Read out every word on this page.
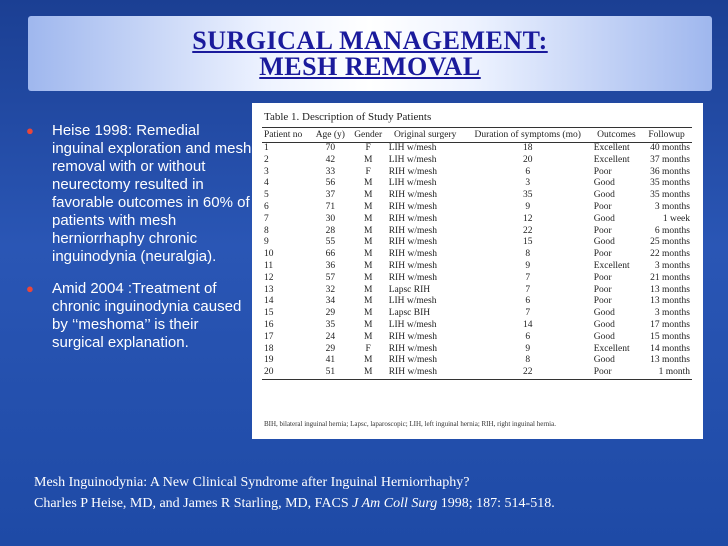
SURGICAL MANAGEMENT:
MESH REMOVAL
●	Heise 1998: Remedial inguinal exploration and mesh removal with or without neurectomy resulted in favorable outcomes in 60% of patients with mesh herniorrhaphy chronic inguinodynia (neuralgia).
●	Amid 2004 :Treatment of chronic inguinodynia caused by ‘‘meshoma’’ is their surgical explanation.
Table 1. Description of Study Patients
Patient no	Age (y)	Gender	Original surgery	Duration of symptoms (mo)	Outcomes	Followup
1	70	F	LIH w/mesh	18	Excellent	40 months
2	42	M	LIH w/mesh	20	Excellent	37 months
3	33	F	RIH w/mesh	6	Poor	36 months
4	56	M	LIH w/mesh	3	Good	35 months
5	37	M	RIH w/mesh	35	Good	35 months
6	71	M	RIH w/mesh	9	Poor	3 months
7	30	M	RIH w/mesh	12	Good	1 week
8	28	M	RIH w/mesh	22	Poor	6 months
9	55	M	RIH w/mesh	15	Good	25 months
10	66	M	RIH w/mesh	8	Poor	22 months
11	36	M	RIH w/mesh	9	Excellent	3 months
12	57	M	RIH w/mesh	7	Poor	21 months
13	32	M	Lapsc RIH	7	Poor	13 months
14	34	M	LIH w/mesh	6	Poor	13 months
15	29	M	Lapsc BIH	7	Good	3 months
16	35	M	LIH w/mesh	14	Good	17 months
17	24	M	RIH w/mesh	6	Good	15 months
18	29	F	RIH w/mesh	9	Excellent	14 months
19	41	M	RIH w/mesh	8	Good	13 months
20	51	M	RIH w/mesh	22	Poor	1 month
BIH, bilateral inguinal hernia; Lapsc, laparoscopic; LIH, left inguinal hernia; RIH, right inguinal hernia.
Mesh Inguinodynia: A New Clinical Syndrome after Inguinal Herniorrhaphy?
Charles P Heise, MD, and James R Starling, MD, FACS J Am Coll Surg 1998; 187: 514-518.
